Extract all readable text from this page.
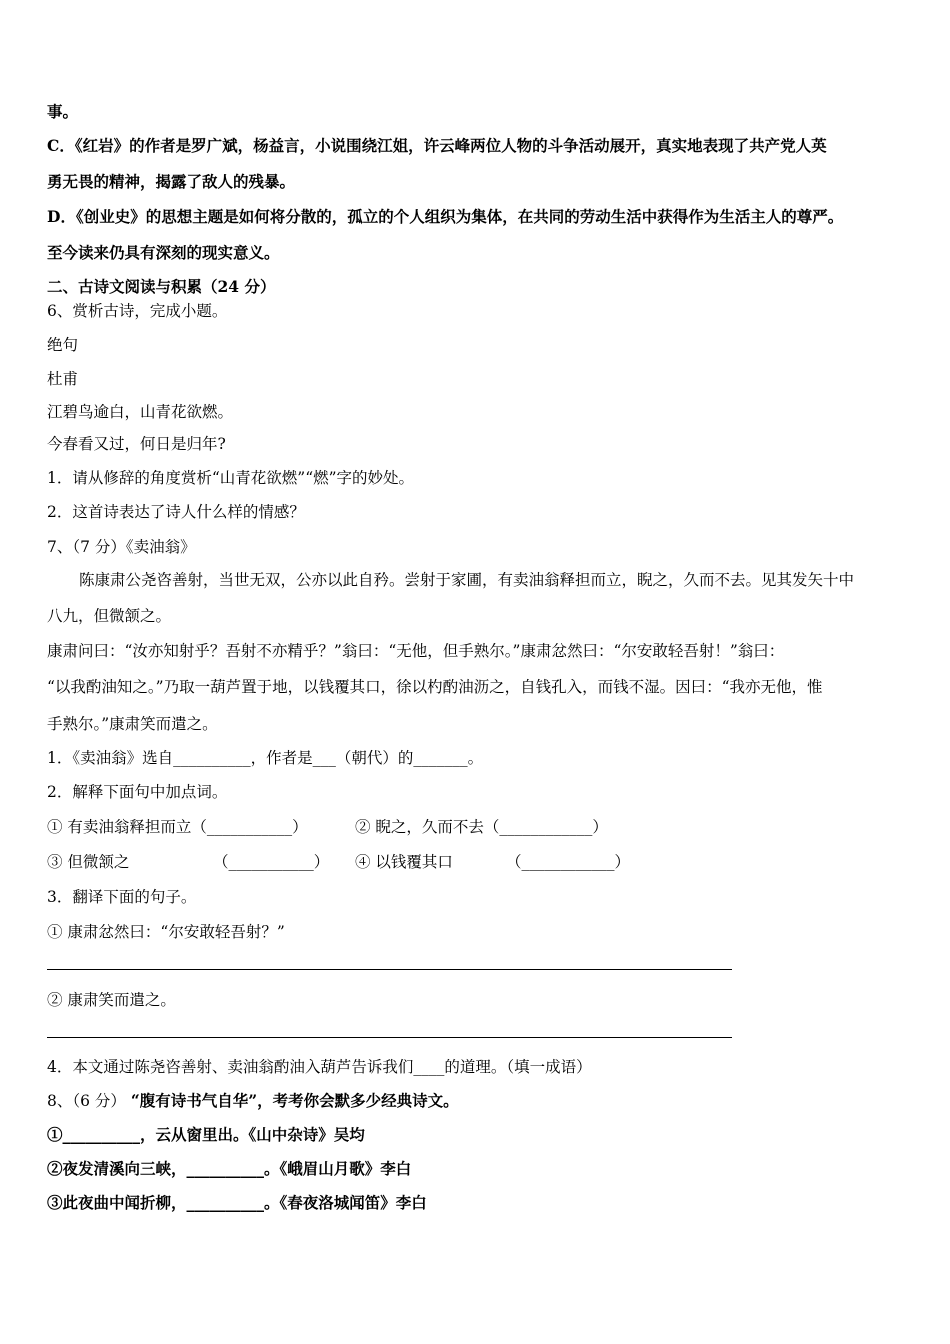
事。
C．《红岩》的作者是罗广斌，杨益言，小说围绕江姐，许云峰两位人物的斗争活动展开，真实地表现了共产党人英
勇无畏的精神，揭露了敌人的残暴。
D．《创业史》的思想主题是如何将分散的，孤立的个人组织为集体，在共同的劳动生活中获得作为生活主人的尊严。
至今读来仍具有深刻的现实意义。
二、古诗文阅读与积累（24 分）
6、赏析古诗，完成小题。
绝句
杜甫
江碧鸟逾白，山青花欲燃。
今春看又过，何日是归年?
1．请从修辞的角度赏析“山青花欲燃”“燃”字的妙处。
2．这首诗表达了诗人什么样的情感？
7、（7 分）《卖油翁》
陈康肃公尧咨善射，当世无双，公亦以此自矜。尝射于家圃，有卖油翁释担而立，睨之，久而不去。见其发矢十中
八九，但微颔之。
康肃问曰：“汝亦知射乎？吾射不亦精乎？”翁曰：“无他，但手熟尔。”康肃忿然曰：“尔安敢轻吾射！”翁曰：
“以我酌油知之。”乃取一葫芦置于地，以钱覆其口，徐以杓酌油沥之，自钱孔入，而钱不湿。因曰：“我亦无他，惟
手熟尔。”康肃笑而遣之。
1．《卖油翁》选自__________，作者是___（朝代）的_______。
2．解释下面句中加点词。
① 有卖油翁释担而立（___________）	② 睨之，久而不去（____________）
③ 但微颔之	（___________） ④ 以钱覆其口	（____________）
3．翻译下面的句子。
① 康肃忿然曰：“尔安敢轻吾射？”
② 康肃笑而遣之。
4．本文通过陈尧咨善射、卖油翁酌油入葫芦告诉我们____的道理。（填一成语）
8、（6 分） “腹有诗书气自华”，考考你会默多少经典诗文。
①__________，云从窗里出。《山中杂诗》吴均
②夜发清溪向三峡，__________。《峨眉山月歌》李白
③此夜曲中闻折柳，__________。《春夜洛城闻笛》李白
